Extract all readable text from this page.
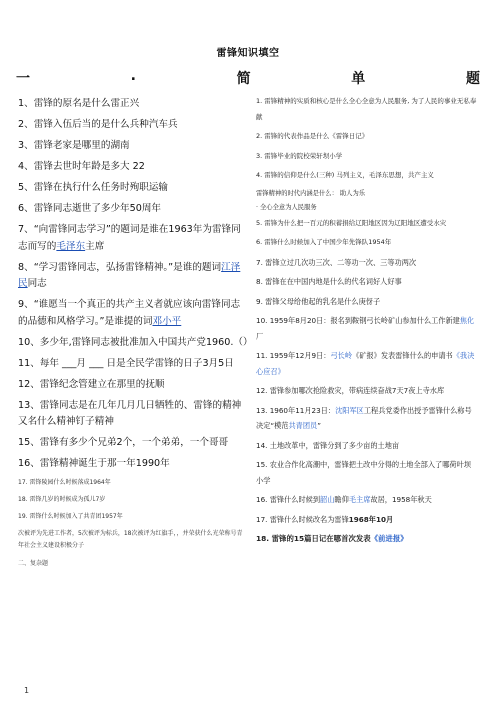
雷锋知识填空
一	.	简	单	题
1、雷锋的原名是什么雷正兴
2、雷锋入伍后当的是什么兵种汽车兵
3、雷锋老家是哪里的湖南
4、雷锋去世时年龄是多大 22
5、雷锋在执行什么任务时殉职运输
6、雷锋同志逝世了多少年50周年
7、“向雷锋同志学习”的题词是谁在1963年为雷锋同志而写的毛泽东主席
8、“学习雷锋同志，弘扬雷锋精神。”是谁的题词江泽民同志
9、“谁愿当一个真正的共产主义者就应该向雷锋同志的品德和风格学习。”是谁提的词邓小平
10、多少年,雷锋同志被批准加入中国共产党1960.（）
11、每年 ___月 ___ 日是全民学雷锋的日子3月5日
12、雷锋纪念管建立在那里的抚顺
13、雷锋同志是在几年几月几日牺牲的、雷锋的精神又名什么精神钉子精神
15、雷锋有多少个兄弟2个，一个弟弟，一个哥哥
16、雷锋精神诞生于那一年1990年
17. 雷锋陵园什么时候落成1964年
18. 雷锋几岁的时候成为孤儿7岁
19. 雷锋什么时候加入了共青团1957年
次被评为先进工作者，5次被评为标兵，18次被评为红旗手，，并荣获什么光荣称号青年社会主义建设积极分子
二、复杂题
1. 雷锋精神的实质和核心是什么全心全意为人民服务, 为了人民的事业无私奉献
2. 雷锋的代表作品是什么《雷锋日记》
3. 雷锋毕业的院校荣轩坝小学
4. 雷锋的信仰是什么(三种) 马列主义，毛泽东思想，共产主义
雷锋精神的时代内涵是什么： 助人为乐
· 全心全意为人民服务
5. 雷锋为什么把一百元的积蓄捐给辽阳地区因为辽阳地区遭受水灾
6. 雷锋什么时候加入了中国少年先锋队1954年
7. 雷锋立过几次功三次、二等功一次、三等功两次
8. 雷锋在在中国内地是什么的代名词好人好事
9. 雷锋父母给他起的乳名是什么庚伢子
10. 1959年8月20日：报名到鞍钢弓长岭矿山参加什么工作新建焦化厂
11. 1959年12月9日：弓长岭《矿报》发表雷锋什么的申请书《我决心应召》
12. 雷锋参加哪次抢险救灾，带病连续奋战7天7夜上寺水库
13. 1960年11月23日：沈阳军区工程兵党委作出授予雷锋什么称号决定“模范共青团员”
14. 土地改革中，雷锋分到了多少亩的土地亩
15. 农业合作化高潮中，雷锋把土改中分得的土地全部入了哪荷叶坝小学
16. 雷锋什么时候到韶山瞻仰毛主席故居，1958年秋天
17. 雷锋什么时候改名为雷锋1968年10月
18. 雷锋的15篇日记在哪首次发表《前进报》
1
